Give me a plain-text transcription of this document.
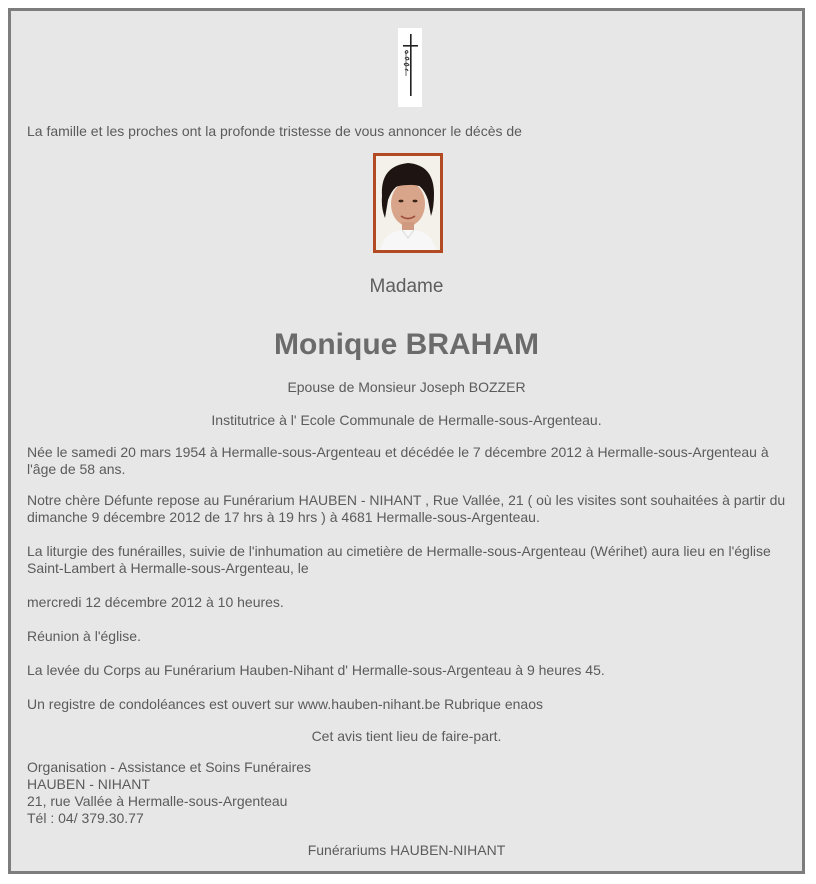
La famille et les proches ont la profonde tristesse de vous annoncer le décès de
Madame
Monique BRAHAM
Epouse de Monsieur Joseph BOZZER
Institutrice à l' Ecole Communale de Hermalle-sous-Argenteau.
Née le samedi 20 mars 1954 à Hermalle-sous-Argenteau et décédée le 7 décembre 2012 à Hermalle-sous-Argenteau à l'âge de 58 ans.
Notre chère Défunte repose au Funérarium HAUBEN - NIHANT , Rue Vallée, 21 ( où les visites sont souhaitées à partir du dimanche 9 décembre 2012 de 17 hrs à 19 hrs ) à 4681 Hermalle-sous-Argenteau.
La liturgie des funérailles, suivie de l'inhumation au cimetière de Hermalle-sous-Argenteau (Wérihet) aura lieu en l'église Saint-Lambert à Hermalle-sous-Argenteau, le
mercredi 12 décembre 2012 à 10 heures.
Réunion à l'église.
La levée du Corps au Funérarium Hauben-Nihant d' Hermalle-sous-Argenteau à 9 heures 45.
Un registre de condoléances est ouvert sur www.hauben-nihant.be Rubrique enaos
Cet avis tient lieu de faire-part.
Organisation - Assistance et Soins Funéraires
HAUBEN - NIHANT
21, rue Vallée à Hermalle-sous-Argenteau
Tél : 04/ 379.30.77
Funérariums HAUBEN-NIHANT
